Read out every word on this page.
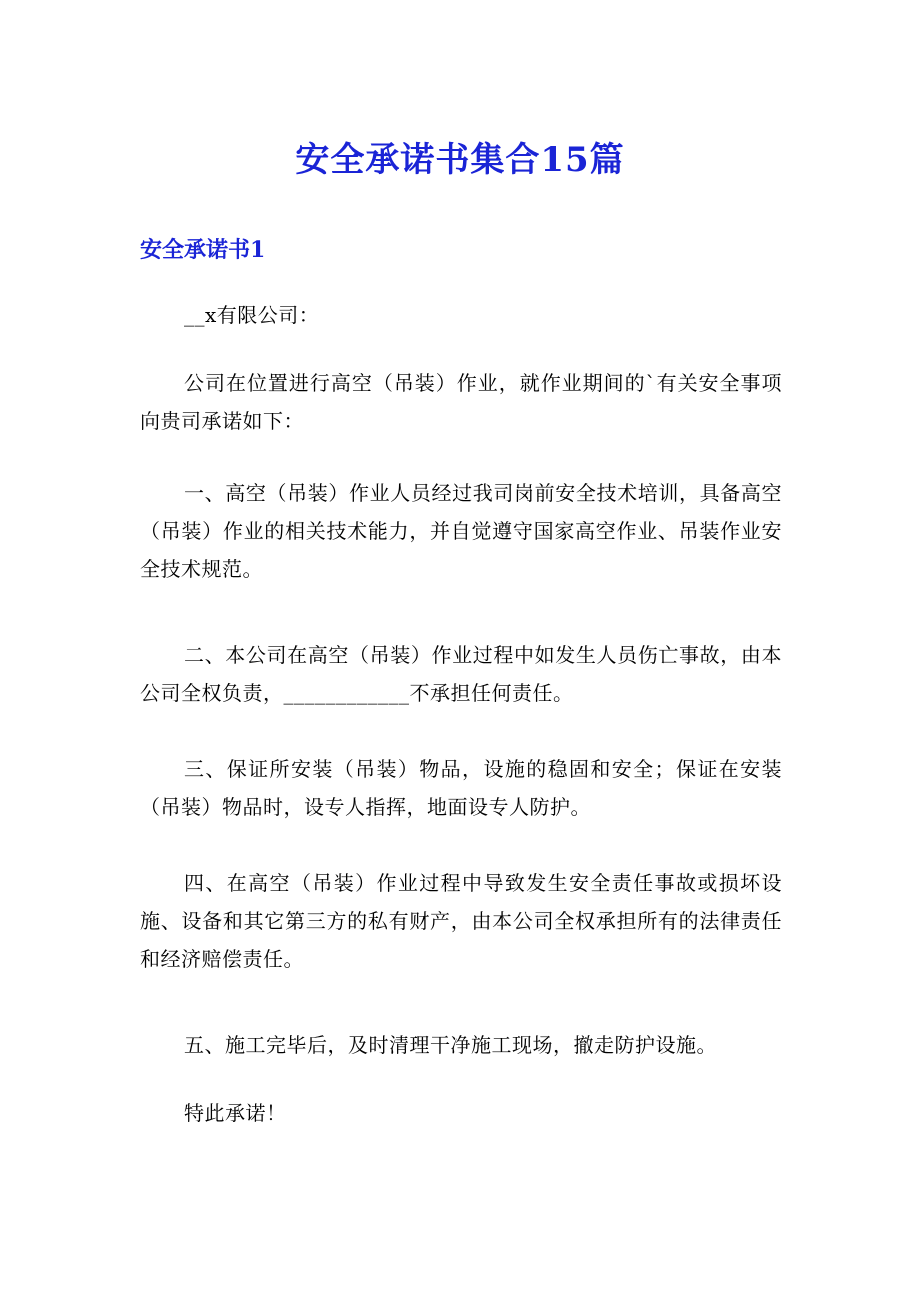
安全承诺书集合15篇
安全承诺书1

__x有限公司：

公司在位置进行高空（吊装）作业，就作业期间的`有关安全事项向贵司承诺如下：

一、高空（吊装）作业人员经过我司岗前安全技术培训，具备高空（吊装）作业的相关技术能力，并自觉遵守国家高空作业、吊装作业安全技术规范。

二、本公司在高空（吊装）作业过程中如发生人员伤亡事故，由本公司全权负责，____________不承担任何责任。

三、保证所安装（吊装）物品，设施的稳固和安全；保证在安装（吊装）物品时，设专人指挥，地面设专人防护。

四、在高空（吊装）作业过程中导致发生安全责任事故或损坏设施、设备和其它第三方的私有财产，由本公司全权承担所有的法律责任和经济赔偿责任。

五、施工完毕后，及时清理干净施工现场，撤走防护设施。

特此承诺！
